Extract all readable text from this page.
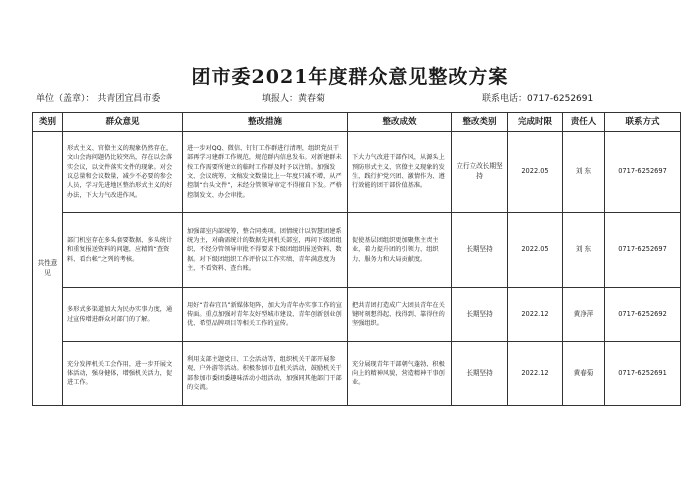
团市委2021年度群众意见整改方案
单位（盖章）： 共青团宜昌市委	填报人：黄春菊	联系电话：0717-6252691
类别	群众意见	整改措施	整改成效	整改类别	完成时限	责任人	联系方式
共性意见	形式主义、官僚主义的现象仍然存在，文山会海问题仍比较突出，存在以会落实会议，以文件落实文件的现象。对会议总量和会议数量，减少不必要的参会人员，学习先进地区整治形式主义的好办法，下大力气改进作风。	进一步对QQ、微信、钉钉工作群进行清理，组织党员干部再学习建群工作规范，规范群内信息发布。对新建群未按工作需要所建立的临时工作群及时予以注销。加强发文、会议统筹，文稿发文数量比上一年度只减不增，从严控制“台头文件”，未经分管领导审定不得擅自下发。严格控制发文、办会审批。	下大力气改进干部作风，从源头上预防形式主义、官僚主义现象的发生，践行护党兴团、激情作为、遵行效能的团干部价值基准。	立行立改长期坚持	2022.05	刘 东	0717-6252697
	部门机室存在多头套要数据、多头统计和重复报送资料的问题，应精简“查资料、看台帐”之列的考核。	加强部室内部统筹，整合同类项。团情统计以智慧团建系统为主，对确需统计的数据先问机关部室，再问下级团组织，不经分管领导审批不得要求下级团组织报送资料、数据。对下级团组织工作评价以工作实绩、青年满意度为主，不看资料、查台账。	促使基层团组织更加聚焦主责主业，着力提升团的引领力、组织力、服务力和大局贡献度。	长期坚持	2022.05	刘 东	0717-6252697
	多形式多渠道加大为民办实事力度，通过宣传增进群众对部门的了解。	用好“青春宜昌”新媒体矩阵，加大为青年办实事工作的宣传面。重点加强对青年友好型城市建设、青年创新创业创优、希望品牌项目等相关工作的宣传。	把共青团打造成广大团员青年在关键时刻想得起、找得到、靠得住的坚强组织。	长期坚持	2022.12	黄净萍	0717-6252692
	充分发挥机关工会作用，进一步开展文体活动，强身健体，增强机关活力，促进工作。	利用支部主题党日、工会活动等，组织机关干部开展参观、户外游等活动。积极参加市直机关活动，鼓励机关干部参加市委团委趣味活动小组活动，加强同其他部门干部的交流。	充分展现青年干部朝气蓬勃、积极向上的精神风貌，营造精神干事创业。	长期坚持	2022.12	黄春菊	0717-6252691
